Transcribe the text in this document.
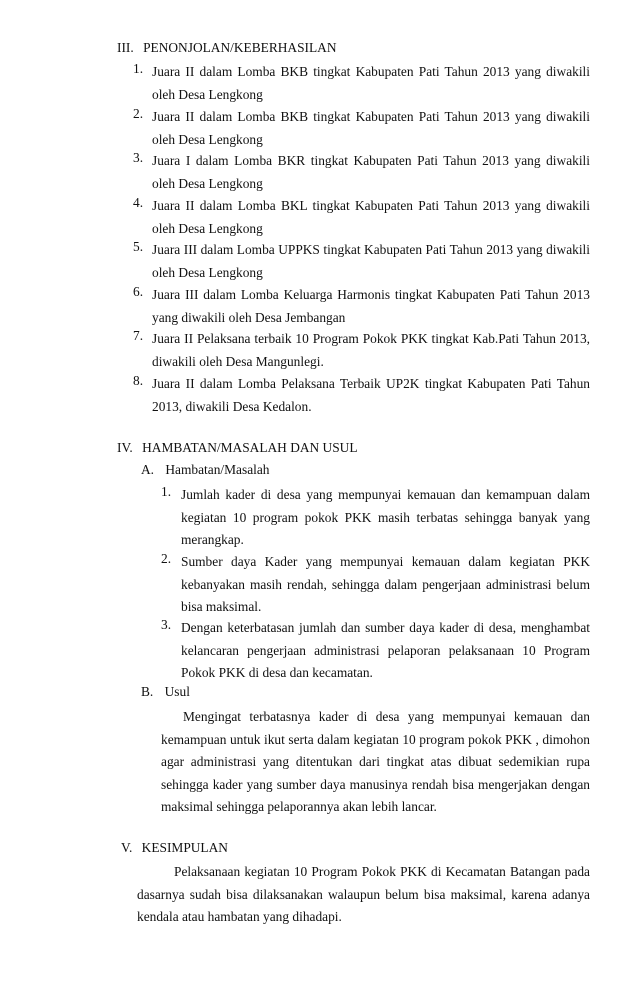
III. PENONJOLAN/KEBERHASILAN
1. Juara II dalam Lomba BKB tingkat Kabupaten Pati Tahun 2013 yang diwakili oleh Desa Lengkong
2. Juara II dalam Lomba BKB tingkat Kabupaten Pati Tahun 2013 yang diwakili oleh Desa Lengkong
3. Juara I dalam Lomba BKR tingkat Kabupaten Pati Tahun 2013 yang diwakili oleh Desa Lengkong
4. Juara II dalam Lomba BKL tingkat Kabupaten Pati Tahun 2013 yang diwakili oleh Desa Lengkong
5. Juara III dalam Lomba UPPKS tingkat Kabupaten Pati Tahun 2013 yang diwakili oleh Desa Lengkong
6. Juara III dalam Lomba Keluarga Harmonis tingkat Kabupaten Pati Tahun 2013 yang diwakili oleh Desa Jembangan
7. Juara II Pelaksana terbaik 10 Program Pokok PKK tingkat Kab.Pati Tahun 2013, diwakili oleh Desa Mangunlegi.
8. Juara II dalam Lomba Pelaksana Terbaik UP2K tingkat Kabupaten Pati Tahun 2013, diwakili Desa Kedalon.
IV. HAMBATAN/MASALAH DAN USUL
A. Hambatan/Masalah
1. Jumlah kader di desa yang mempunyai kemauan dan kemampuan dalam kegiatan 10 program pokok PKK masih terbatas sehingga banyak yang merangkap.
2. Sumber daya Kader yang mempunyai kemauan dalam kegiatan PKK kebanyakan masih rendah, sehingga dalam pengerjaan administrasi belum bisa maksimal.
3. Dengan keterbatasan jumlah dan sumber daya kader di desa, menghambat kelancaran pengerjaan administrasi pelaporan pelaksanaan 10 Program Pokok PKK di desa dan kecamatan.
B. Usul
Mengingat terbatasnya kader di desa yang mempunyai kemauan dan kemampuan untuk ikut serta dalam kegiatan 10 program pokok PKK , dimohon agar administrasi yang ditentukan dari tingkat atas dibuat sedemikian rupa sehingga kader yang sumber daya manusinya rendah bisa mengerjakan dengan maksimal sehingga pelaporannya akan lebih lancar.
V. KESIMPULAN
Pelaksanaan kegiatan 10 Program Pokok PKK di Kecamatan Batangan pada dasarnya sudah bisa dilaksanakan walaupun belum bisa maksimal, karena adanya kendala atau hambatan yang dihadapi.
